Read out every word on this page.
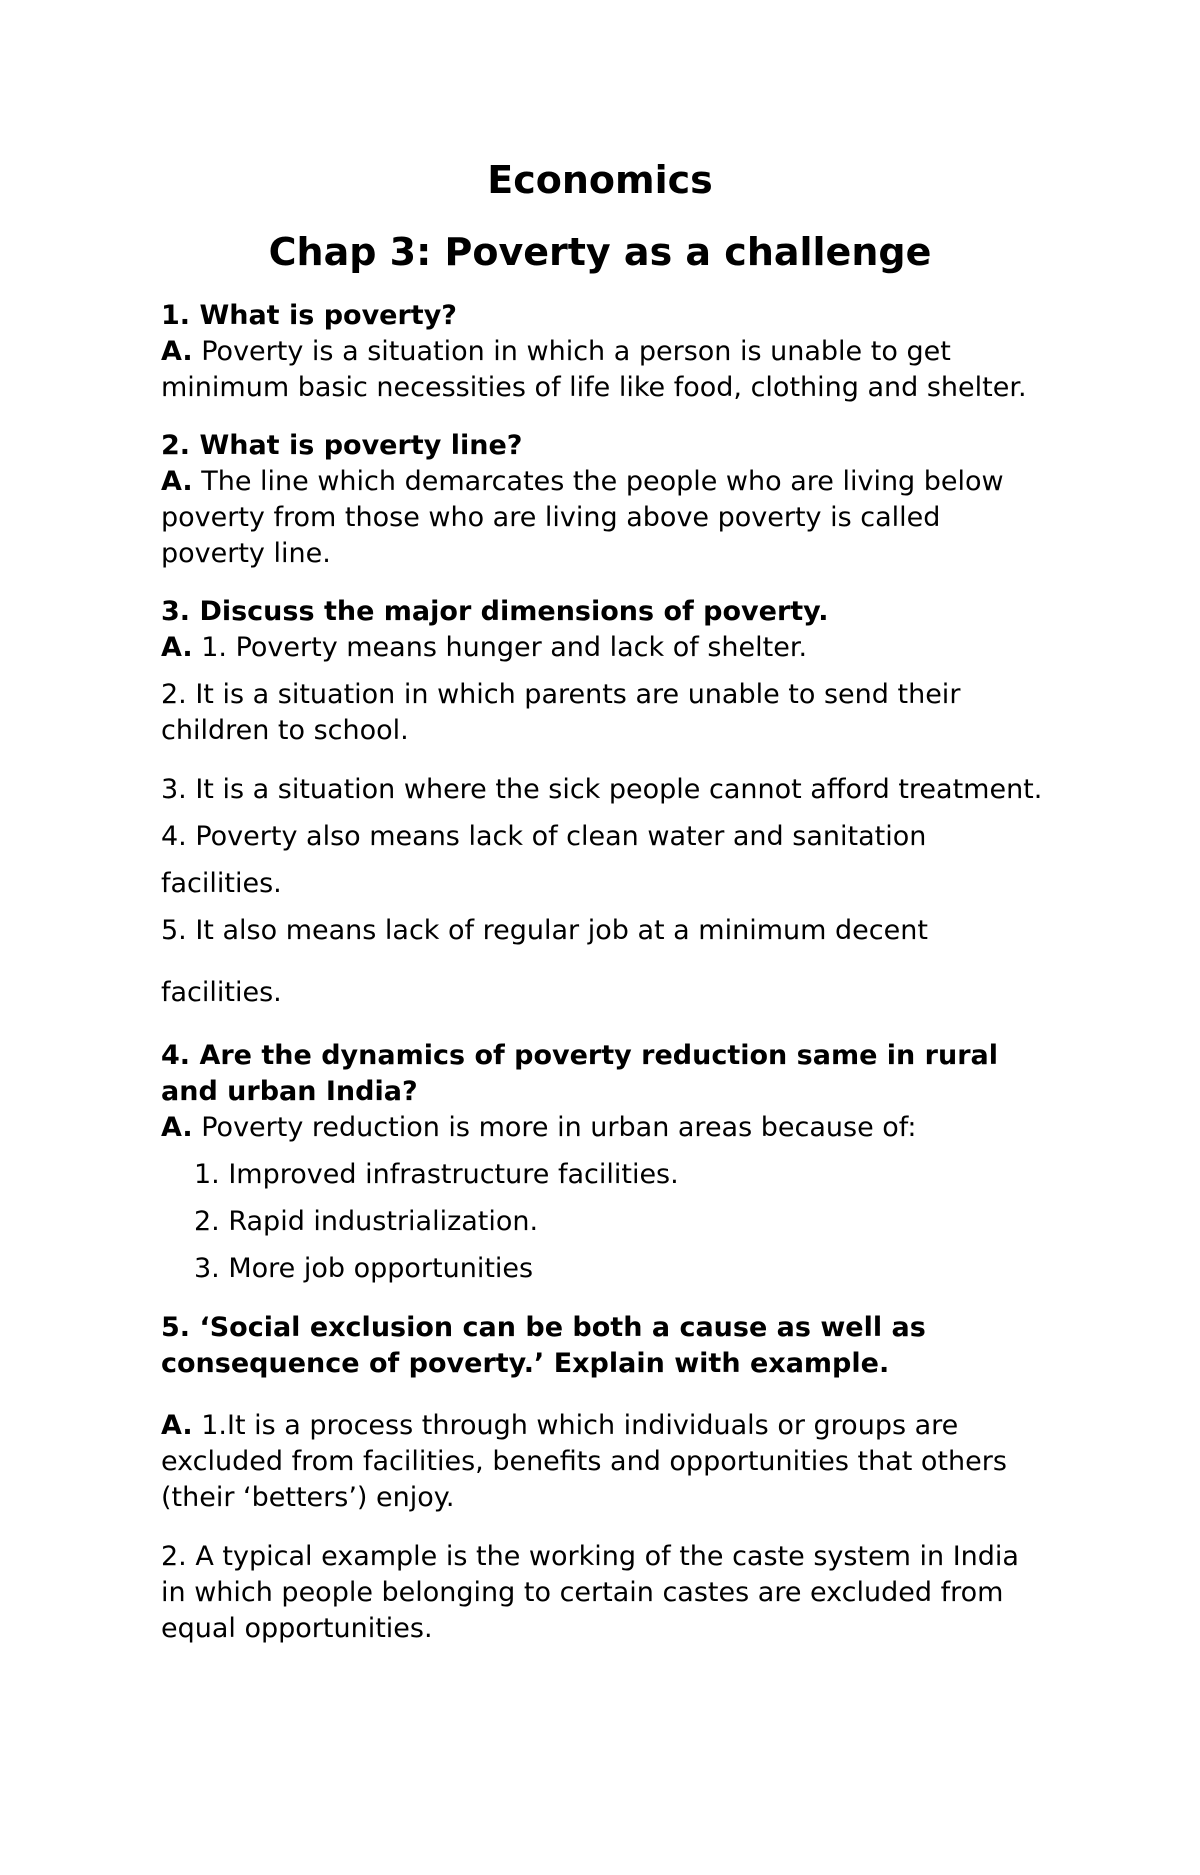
Economics
Chap 3: Poverty as a challenge
1. What is poverty?
A. Poverty is a situation in which a person is unable to get
minimum basic necessities of life like food, clothing and shelter.
2. What is poverty line?
A. The line which demarcates the people who are living below
poverty from those who are living above poverty is called
poverty line.
3. Discuss the major dimensions of poverty.
A. 1. Poverty means hunger and lack of shelter.
2. It is a situation in which parents are unable to send their
children to school.
3. It is a situation where the sick people cannot afford treatment.
4. Poverty also means lack of clean water and sanitation
facilities.
5. It also means lack of regular job at a minimum decent
facilities.
4. Are the dynamics of poverty reduction same in rural
and urban India?
A. Poverty reduction is more in urban areas because of:
1. Improved infrastructure facilities.
2. Rapid industrialization.
3. More job opportunities
5. ‘Social exclusion can be both a cause as well as
consequence of poverty.’ Explain with example.
A. 1.It is a process through which individuals or groups are
excluded from facilities, benefits and opportunities that others
(their ‘betters’) enjoy.
2. A typical example is the working of the caste system in India
in which people belonging to certain castes are excluded from
equal opportunities.
